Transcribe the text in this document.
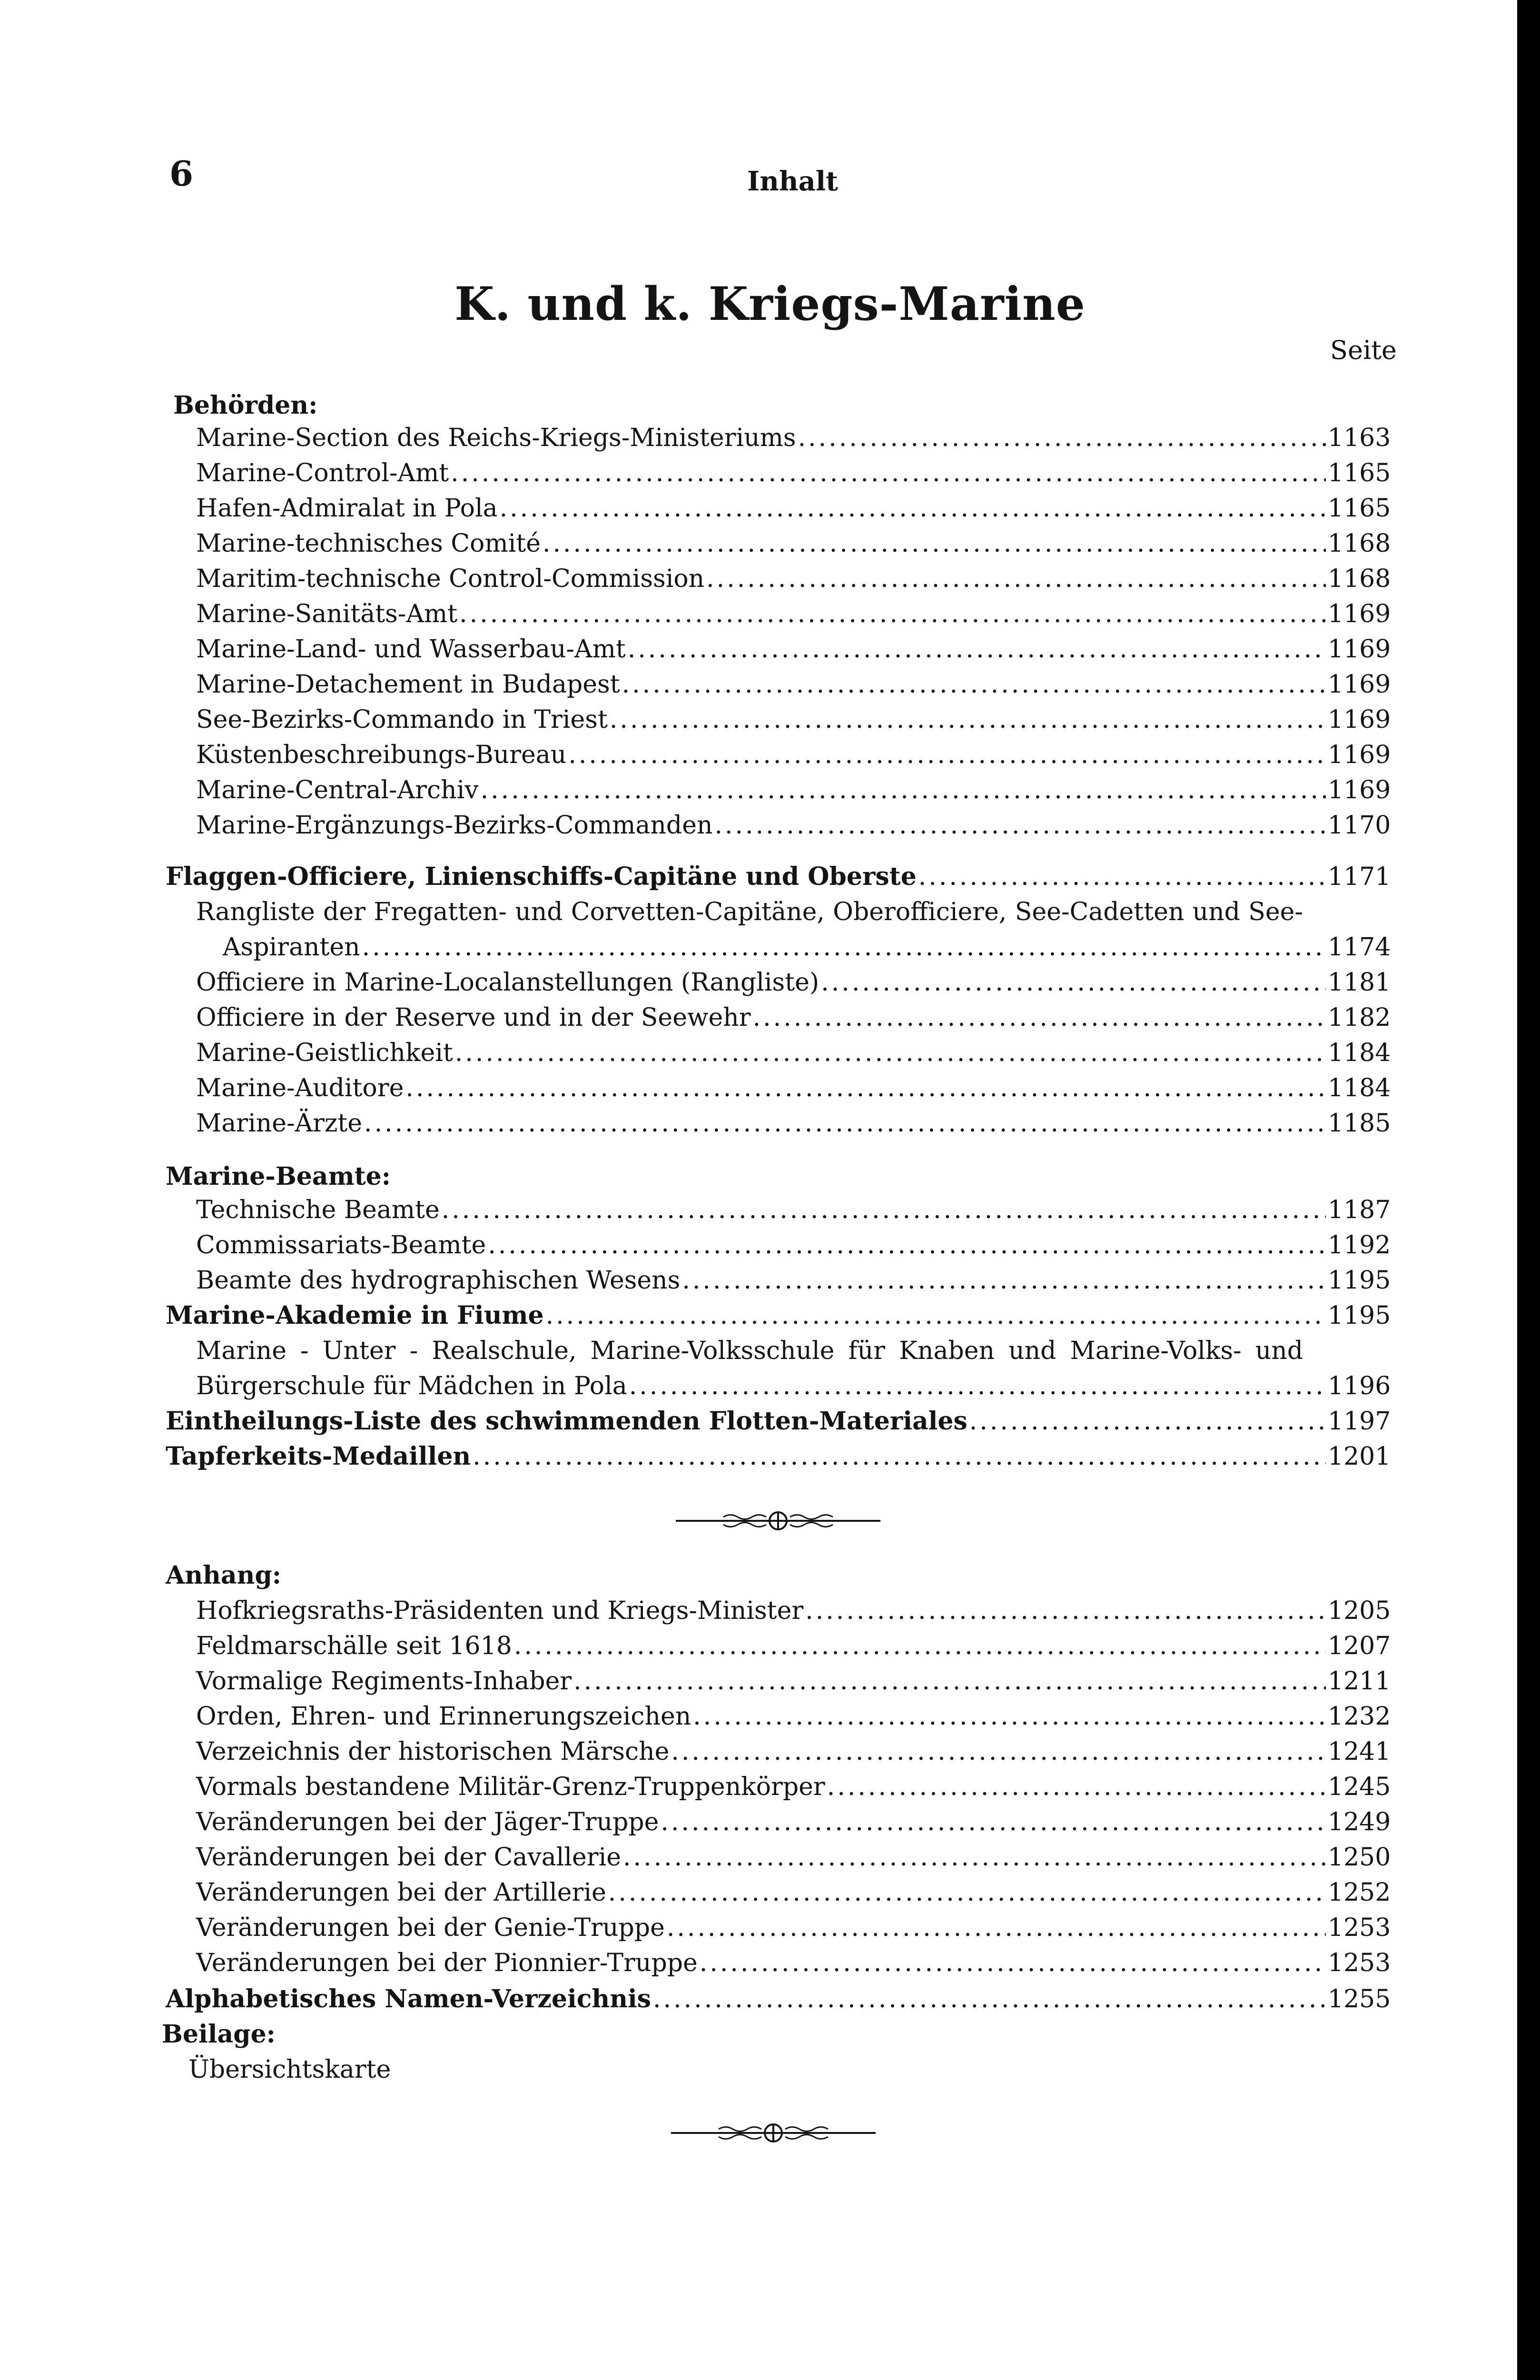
6	Inhalt
K. und k. Kriegs-Marine
Seite
Behörden:
Marine-Section des Reichs-Kriegs-Ministeriums .....	1163
Marine-Control-Amt .....	1165
Hafen-Admiralat in Pola .....	1165
Marine-technisches Comité .....	1168
Maritim-technische Control-Commission .....	1168
Marine-Sanitäts-Amt .....	1169
Marine-Land- und Wasserbau-Amt .....	1169
Marine-Detachement in Budapest .....	1169
See-Bezirks-Commando in Triest .....	1169
Küstenbeschreibungs-Bureau .....	1169
Marine-Central-Archiv .....	1169
Marine-Ergänzungs-Bezirks-Commanden .....	1170
Flaggen-Officiere, Linienschiffs-Capitäne und Oberste .....	1171
Rangliste der Fregatten- und Corvetten-Capitäne, Oberofficiere, See-Cadetten und See-
Aspiranten .....	1174
Officiere in Marine-Localanstellungen (Rangliste) .....	1181
Officiere in der Reserve und in der Seewehr .....	1182
Marine-Geistlichkeit .....	1184
Marine-Auditore .....	1184
Marine-Ärzte .....	1185
Marine-Beamte:
Technische Beamte .....	1187
Commissariats-Beamte .....	1192
Beamte des hydrographischen Wesens .....	1195
Marine-Akademie in Fiume .....	1195
Marine - Unter - Realschule, Marine-Volksschule für Knaben und Marine-Volks- und
Bürgerschule für Mädchen in Pola .....	1196
Eintheilungs-Liste des schwimmenden Flotten-Materiales .....	1197
Tapferkeits-Medaillen .....	1201
Anhang:
Hofkriegsraths-Präsidenten und Kriegs-Minister .....	1205
Feldmarschälle seit 1618 .....	1207
Vormalige Regiments-Inhaber .....	1211
Orden, Ehren- und Erinnerungszeichen .....	1232
Verzeichnis der historischen Märsche .....	1241
Vormals bestandene Militär-Grenz-Truppenkörper .....	1245
Veränderungen bei der Jäger-Truppe .....	1249
Veränderungen bei der Cavallerie .....	1250
Veränderungen bei der Artillerie .....	1252
Veränderungen bei der Genie-Truppe .....	1253
Veränderungen bei der Pionnier-Truppe .....	1253
Alphabetisches Namen-Verzeichnis .....	1255
Beilage:
Übersichtskarte
